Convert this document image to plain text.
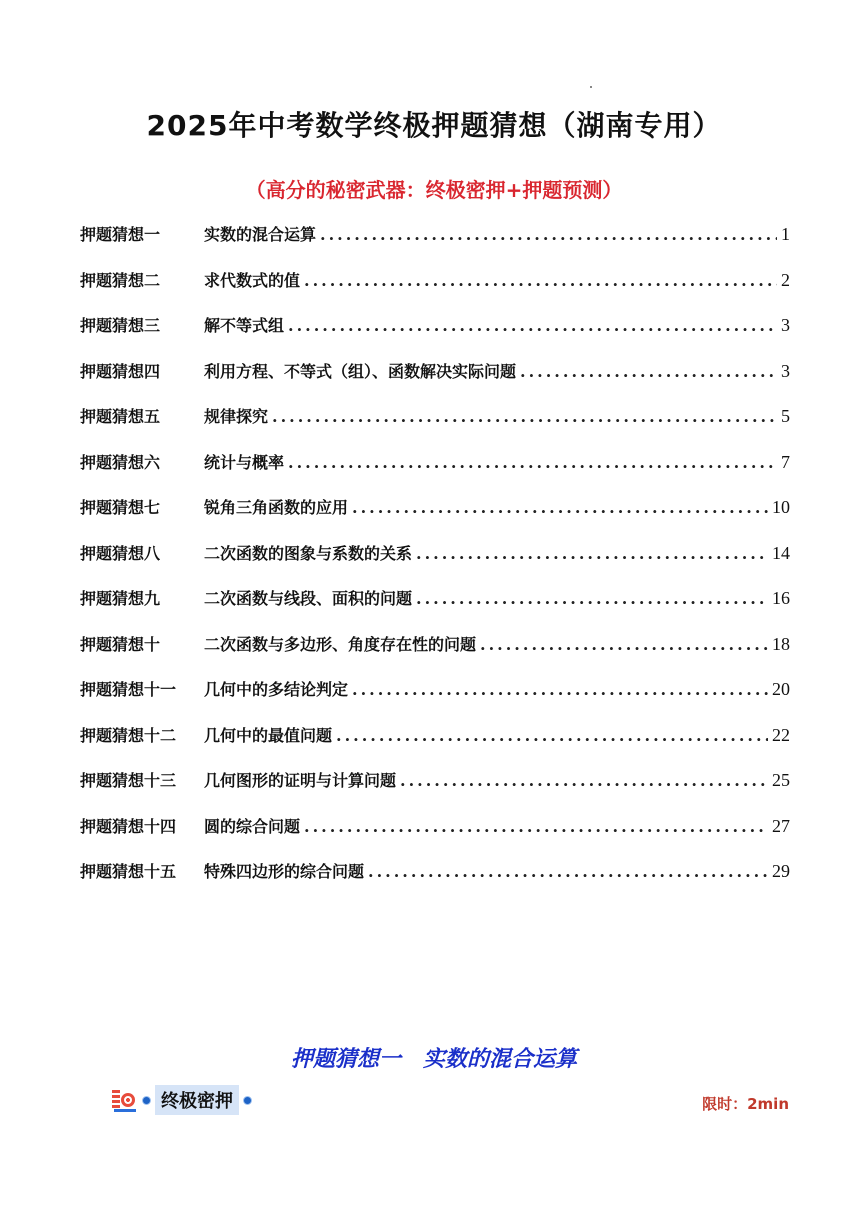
2025年中考数学终极押题猜想（湖南专用）
（高分的秘密武器：终极密押+押题预测）
押题猜想一	实数的混合运算 .....	1
押题猜想二	求代数式的值 .....	2
押题猜想三	解不等式组 .....	3
押题猜想四	利用方程、不等式（组）、函数解决实际问题 .....	3
押题猜想五	规律探究 .....	5
押题猜想六	统计与概率 .....	7
押题猜想七	锐角三角函数的应用 .....	10
押题猜想八	二次函数的图象与系数的关系 .....	14
押题猜想九	二次函数与线段、面积的问题 .....	16
押题猜想十	二次函数与多边形、角度存在性的问题 .....	18
押题猜想十一	几何中的多结论判定 .....	20
押题猜想十二	几何中的最值问题 .....	22
押题猜想十三	几何图形的证明与计算问题 .....	25
押题猜想十四	圆的综合问题 .....	27
押题猜想十五	特殊四边形的综合问题 .....	29
押题猜想一　实数的混合运算
终极密押	限时：2min
